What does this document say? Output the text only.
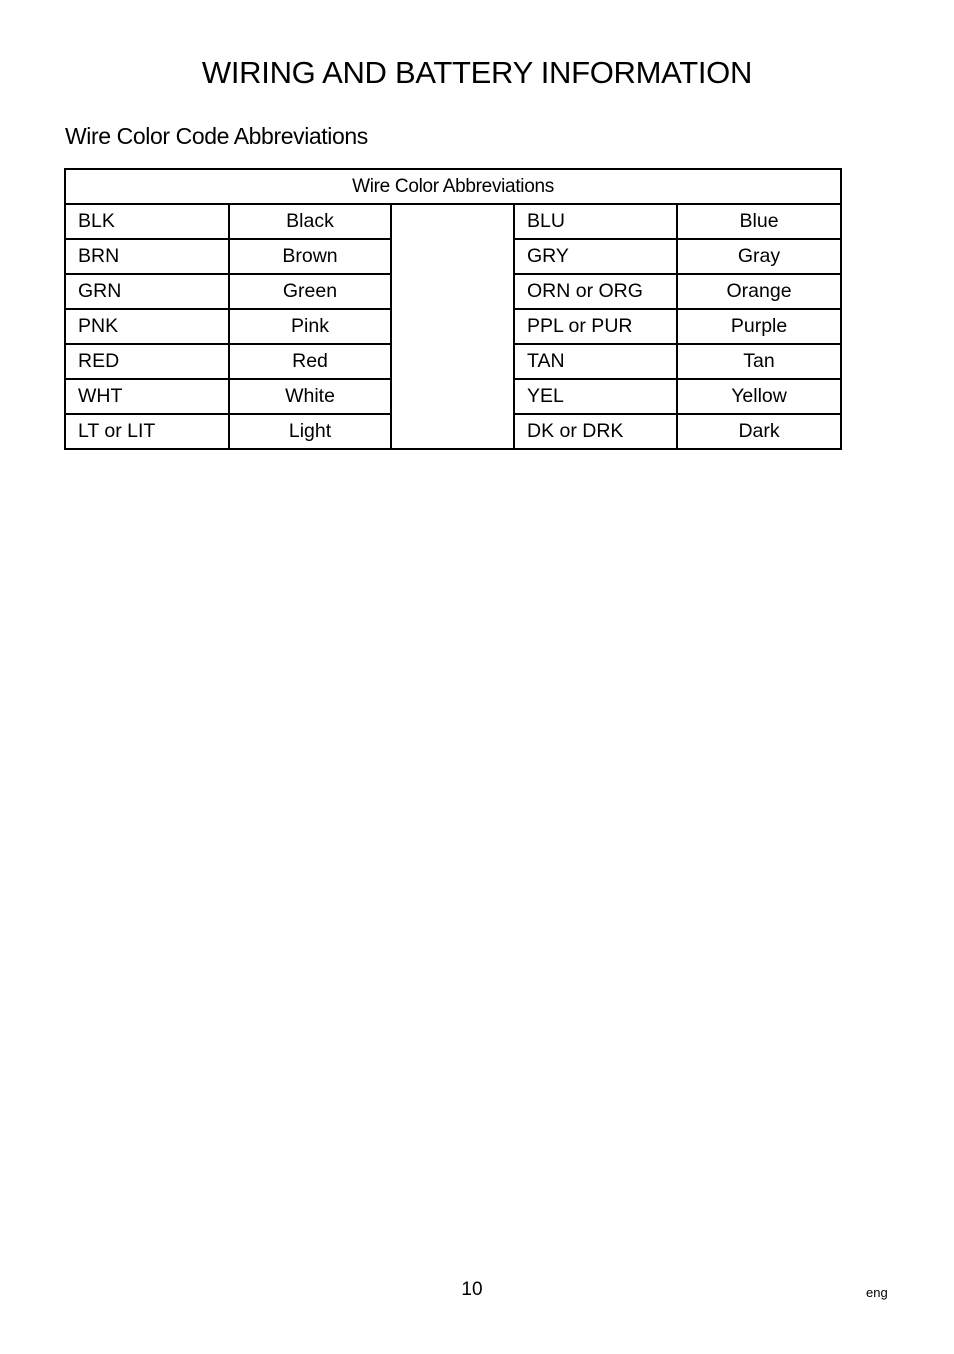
WIRING AND BATTERY INFORMATION
Wire Color Code Abbreviations
Wire Color Abbreviations				
BLK	Black		BLU	Blue
BRN	Brown		GRY	Gray
GRN	Green		ORN or ORG	Orange
PNK	Pink		PPL or PUR	Purple
RED	Red		TAN	Tan
WHT	White		YEL	Yellow
LT or LIT	Light		DK or DRK	Dark
10	eng
